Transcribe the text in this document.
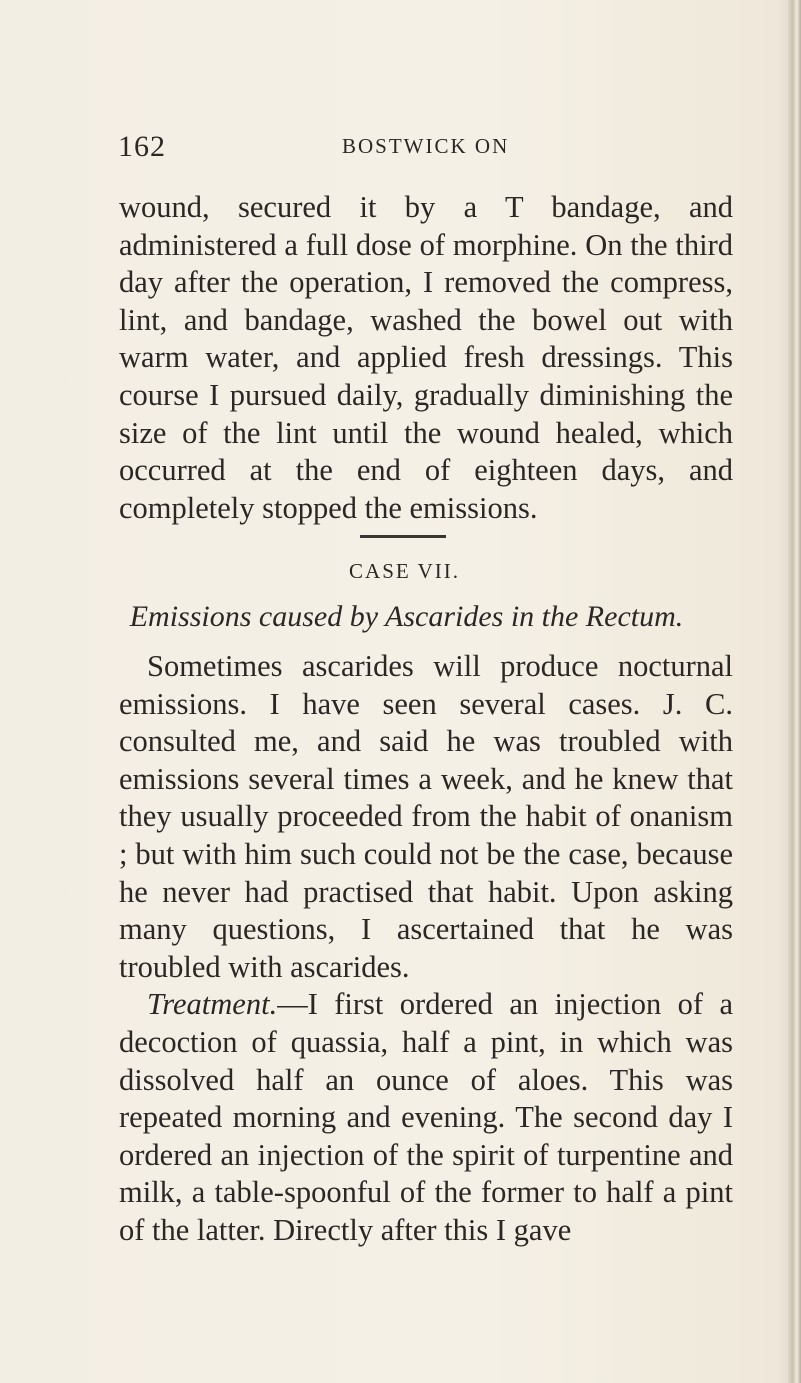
162	BOSTWICK ON

wound, secured it by a T bandage, and administered a full dose of morphine. On the third day after the operation, I removed the compress, lint, and bandage, washed the bowel out with warm water, and applied fresh dressings. This course I pursued daily, gradually diminishing the size of the lint until the wound healed, which occurred at the end of eighteen days, and completely stopped the emissions.

CASE VII.
Emissions caused by Ascarides in the Rectum.

Sometimes ascarides will produce nocturnal emissions. I have seen several cases. J. C. consulted me, and said he was troubled with emissions several times a week, and he knew that they usually proceeded from the habit of onanism ; but with him such could not be the case, because he never had practised that habit. Upon asking many questions, I ascertained that he was troubled with ascarides.

Treatment.—I first ordered an injection of a decoction of quassia, half a pint, in which was dissolved half an ounce of aloes. This was repeated morning and evening. The second day I ordered an injection of the spirit of turpentine and milk, a table-spoonful of the former to half a pint of the latter. Directly after this I gave
